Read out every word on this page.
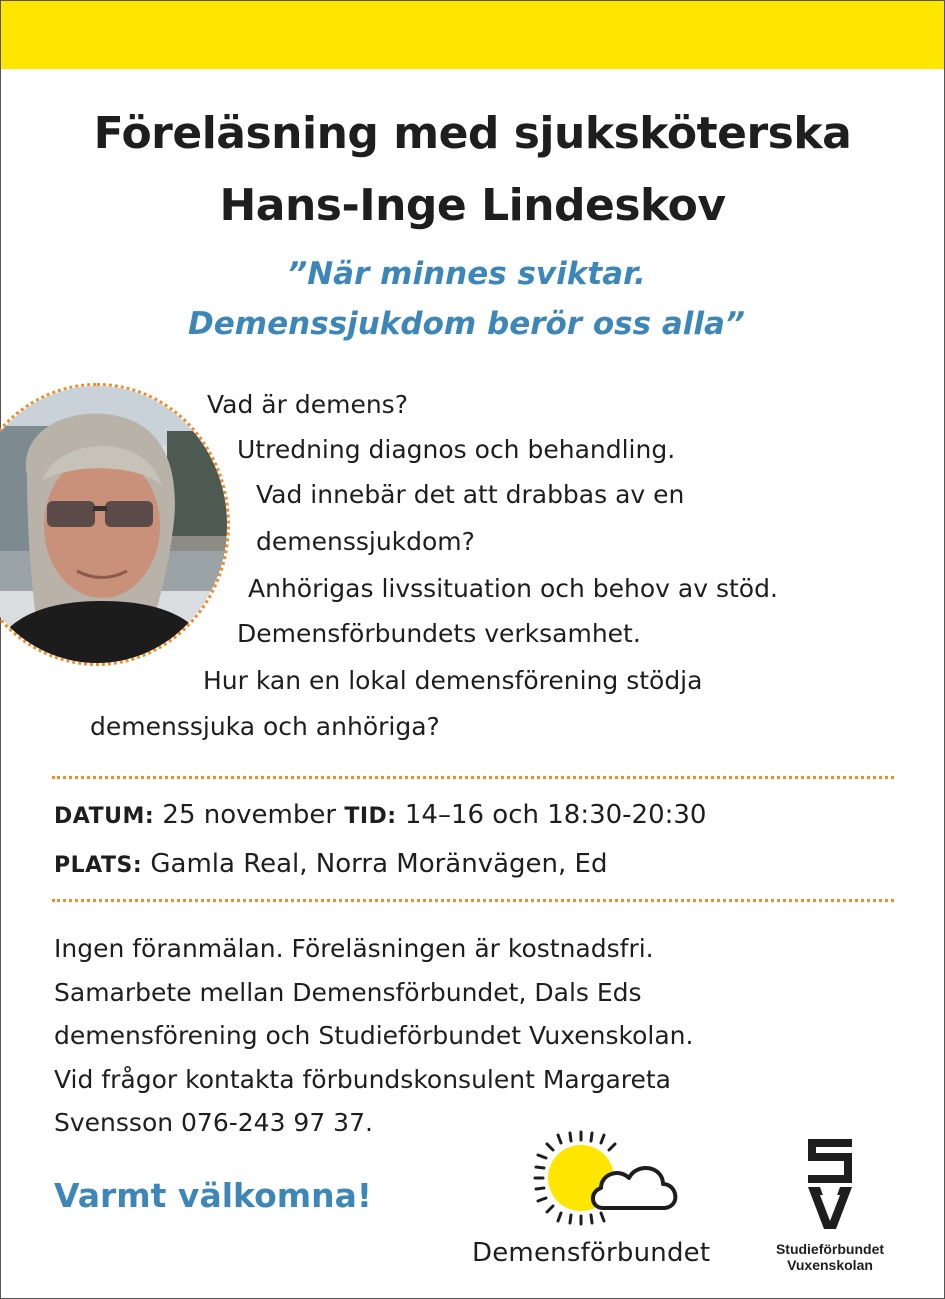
Föreläsning med sjuksköterska
Hans-Inge Lindeskov

”När minnes sviktar.

Demenssjukdom berör oss alla”

Vad är demens?

Utredning diagnos och behandling.

Vad innebär det att drabbas av en

demenssjukdom?

Anhörigas livssituation och behov av stöd.

Demensförbundets verksamhet.

Hur kan en lokal demensförening stödja

demenssjuka och anhöriga?

DATUM: 25 november TID: 14–16 och 18:30-20:30
PLATS: Gamla Real, Norra Moränvägen, Ed
Ingen föranmälan. Föreläsningen är kostnadsfri.
Samarbete mellan Demensförbundet, Dals Eds
demensförening och Studieförbundet Vuxenskolan.
Vid frågor kontakta förbundskonsulent Margareta
Svensson 076-243 97 37.
Varmt välkomna!
Demensförbundet	Studieförbundet
Vuxenskolan
